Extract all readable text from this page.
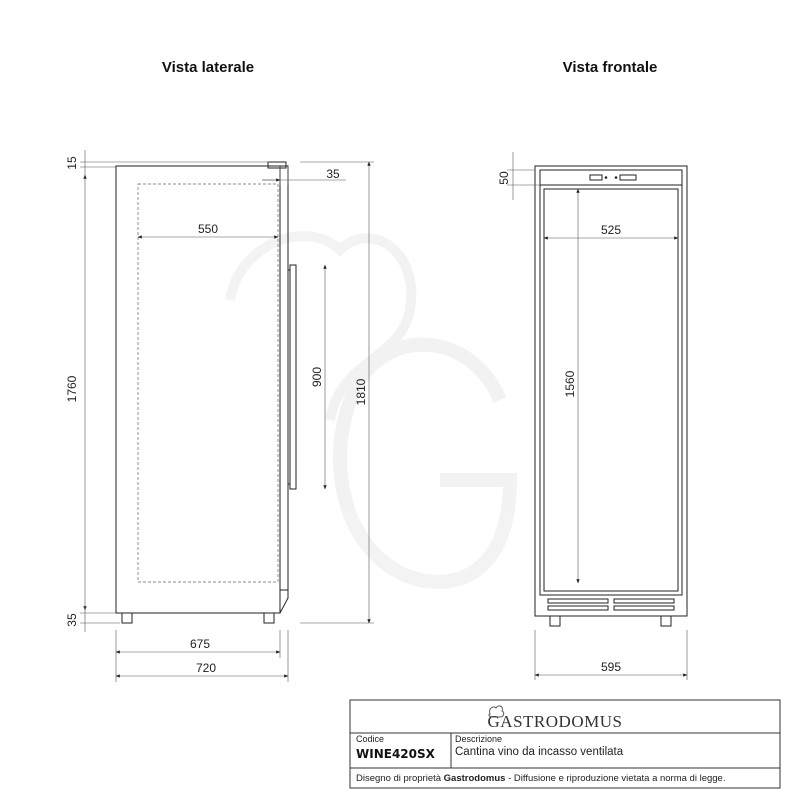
Vista laterale	Vista frontale
15
1760
35
550
35
900
1810
675
720
50
525
1560
595
GASTRODOMUS
Codice
WINE420SX
Descrizione
Cantina vino da incasso ventilata
Disegno di proprietà Gastrodomus - Diffusione e riproduzione vietata a norma di legge.
